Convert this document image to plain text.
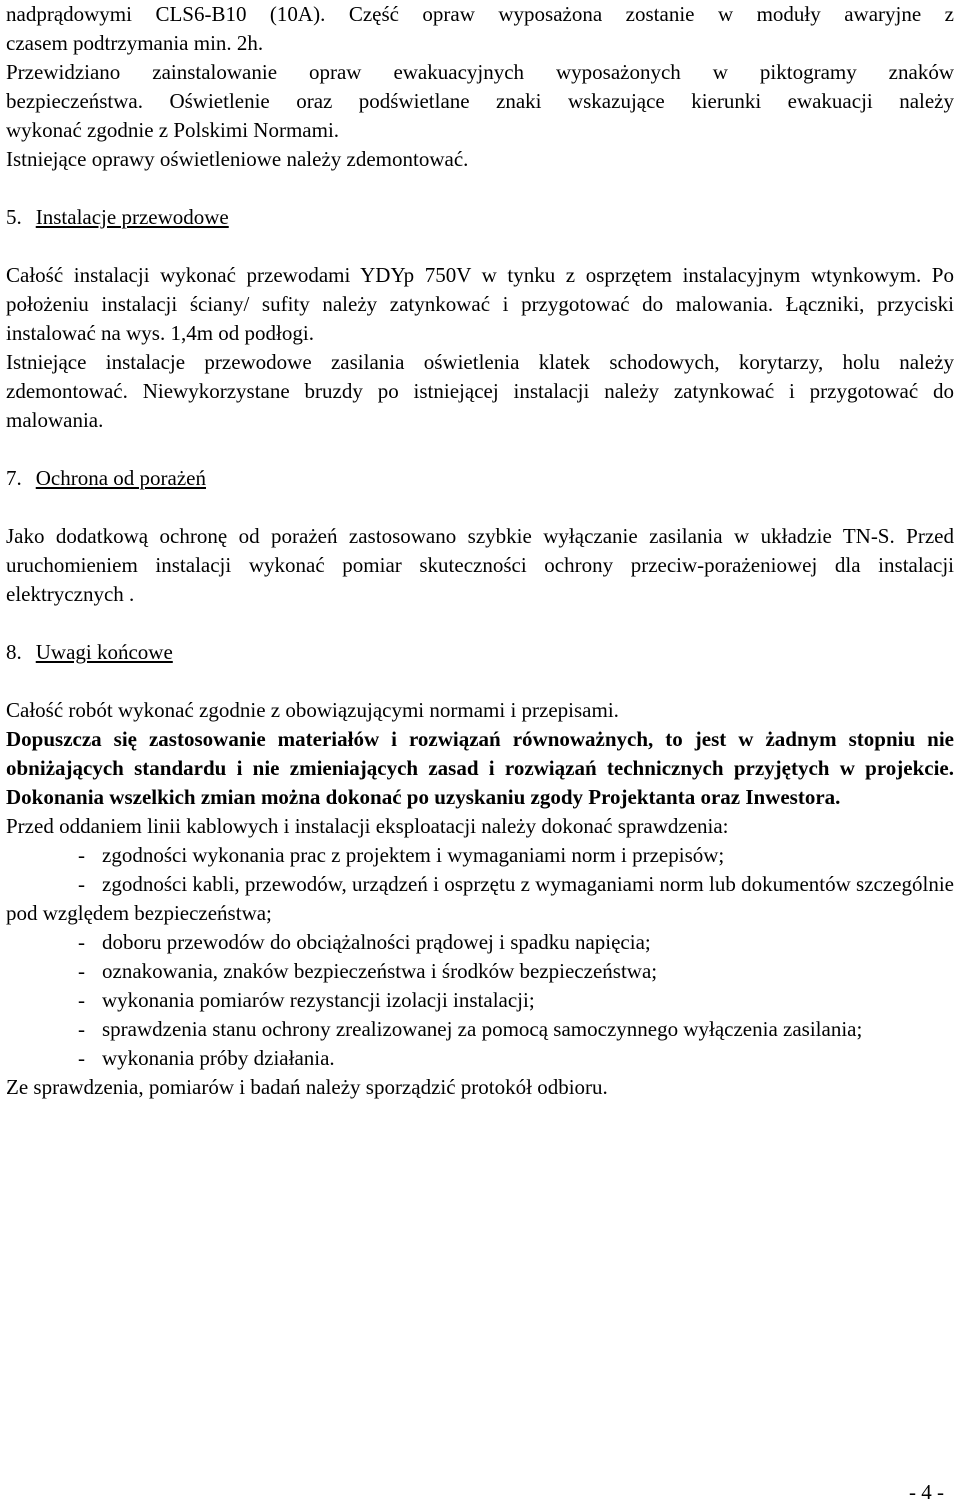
nadprądowymi CLS6-B10 (10A). Część opraw wyposażona zostanie w moduły awaryjne z

czasem podtrzymania min. 2h.

Przewidziano zainstalowanie opraw ewakuacyjnych wyposażonych w piktogramy znaków

bezpieczeństwa. Oświetlenie oraz podświetlane znaki wskazujące kierunki ewakuacji należy

wykonać zgodnie z Polskimi Normami.

Istniejące oprawy oświetleniowe należy zdemontować.

5. Instalacje przewodowe

Całość instalacji wykonać przewodami YDYp 750V w tynku z osprzętem instalacyjnym wtynkowym. Po położeniu instalacji ściany/ sufity należy zatynkować i przygotować do malowania. Łączniki, przyciski instalować na wys. 1,4m od podłogi.

Istniejące instalacje przewodowe zasilania oświetlenia klatek schodowych, korytarzy, holu należy zdemontować. Niewykorzystane bruzdy po istniejącej instalacji należy zatynkować i przygotować do malowania.

7. Ochrona od porażeń

Jako dodatkową ochronę od porażeń zastosowano szybkie wyłączanie zasilania w układzie TN-S. Przed uruchomieniem instalacji wykonać pomiar skuteczności ochrony przeciw-porażeniowej dla instalacji elektrycznych .

8. Uwagi końcowe

Całość robót wykonać zgodnie z obowiązującymi normami i przepisami.

Dopuszcza się zastosowanie materiałów i rozwiązań równoważnych, to jest w żadnym stopniu nie obniżających standardu i nie zmieniających zasad i rozwiązań technicznych przyjętych w projekcie. Dokonania wszelkich zmian można dokonać po uzyskaniu zgody Projektanta oraz Inwestora.

Przed oddaniem linii kablowych i instalacji eksploatacji należy dokonać sprawdzenia:

- zgodności wykonania prac z projektem i wymaganiami norm i przepisów;

- zgodności kabli, przewodów, urządzeń i osprzętu z wymaganiami norm lub dokumentów szczególnie pod względem bezpieczeństwa;

- doboru przewodów do obciążalności prądowej i spadku napięcia;

- oznakowania, znaków bezpieczeństwa i środków bezpieczeństwa;

- wykonania pomiarów rezystancji izolacji instalacji;

- sprawdzenia stanu ochrony zrealizowanej za pomocą samoczynnego wyłączenia zasilania;

- wykonania próby działania.

Ze sprawdzenia, pomiarów i badań należy sporządzić protokół odbioru.

- 4 -
